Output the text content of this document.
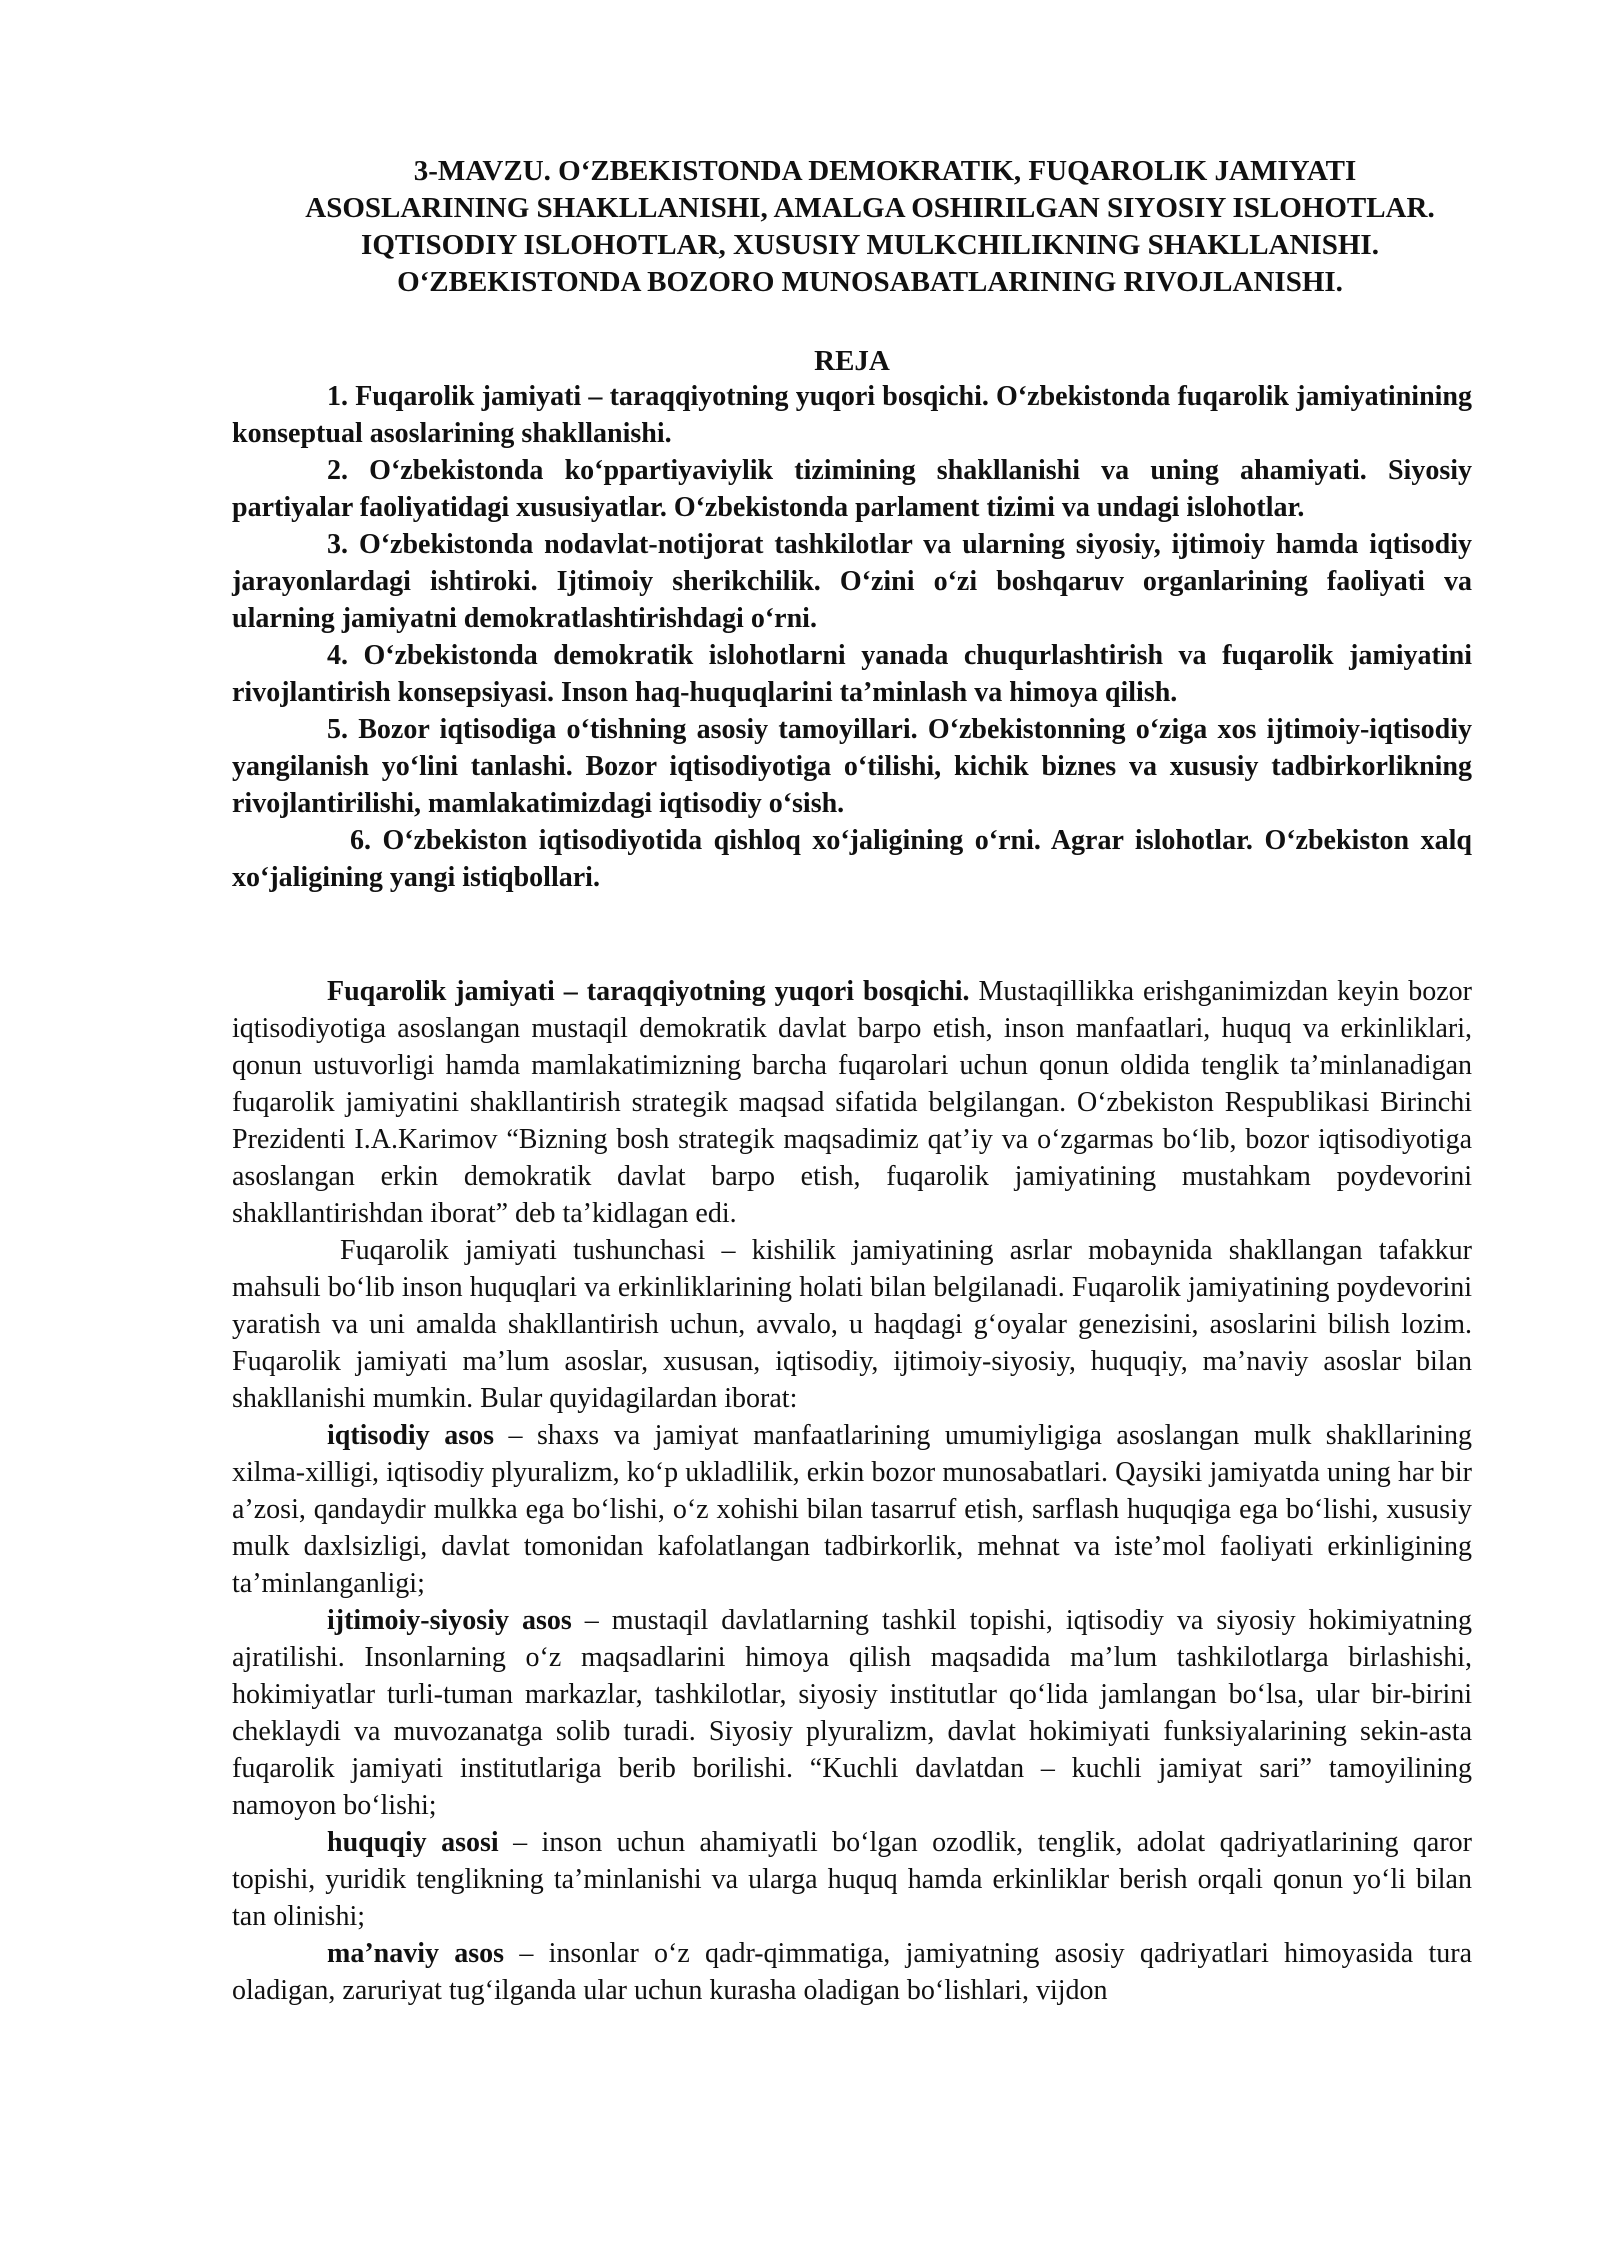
3-MAVZU. O‘ZBEKISTONDA DEMOKRATIK, FUQAROLIK JAMIYATI
ASOSLARINING SHAKLLANISHI, AMALGA OSHIRILGAN SIYOSIY ISLOHOTLAR. IQTISODIY ISLOHOTLAR, XUSUSIY MULKCHILIKNING SHAKLLANISHI. O‘ZBEKISTONDA BOZORO MUNOSABATLARINING RIVOJLANISHI.
REJA

1. Fuqarolik jamiyati – taraqqiyotning yuqori bosqichi. O‘zbekistonda fuqarolik jamiyatinining konseptual asoslarining shakllanishi.

2. O‘zbekistonda ko‘ppartiyaviylik tizimining shakllanishi va uning ahamiyati. Siyosiy partiyalar faoliyatidagi xususiyatlar. O‘zbekistonda parlament tizimi va undagi islohotlar.

3. O‘zbekistonda nodavlat-notijorat tashkilotlar va ularning siyosiy, ijtimoiy hamda iqtisodiy jarayonlardagi ishtiroki. Ijtimoiy sherikchilik. O‘zini o‘zi boshqaruv organlarining faoliyati va ularning jamiyatni demokratlashtirishdagi o‘rni.

4. O‘zbekistonda demokratik islohotlarni yanada chuqurlashtirish va fuqarolik jamiyatini rivojlantirish konsepsiyasi. Inson haq-huquqlarini ta’minlash va himoya qilish.

5. Bozor iqtisodiga o‘tishning asosiy tamoyillari. O‘zbekistonning o‘ziga xos ijtimoiy-iqtisodiy yangilanish yo‘lini tanlashi. Bozor iqtisodiyotiga o‘tilishi, kichik biznes va xususiy tadbirkorlikning rivojlantirilishi, mamlakatimizdagi iqtisodiy o‘sish.

6. O‘zbekiston iqtisodiyotida qishloq xo‘jaligining o‘rni. Agrar islohotlar. O‘zbekiston xalq xo‘jaligining yangi istiqbollari.

Fuqarolik jamiyati – taraqqiyotning yuqori bosqichi. Mustaqillikka erishganimizdan keyin bozor iqtisodiyotiga asoslangan mustaqil demokratik davlat barpo etish, inson manfaatlari, huquq va erkinliklari, qonun ustuvorligi hamda mamlakatimizning barcha fuqarolari uchun qonun oldida tenglik ta’minlanadigan fuqarolik jamiyatini shakllantirish strategik maqsad sifatida belgilangan. O‘zbekiston Respublikasi Birinchi Prezidenti I.A.Karimov “Bizning bosh strategik maqsadimiz qat’iy va o‘zgarmas bo‘lib, bozor iqtisodiyotiga asoslangan erkin demokratik davlat barpo etish, fuqarolik jamiyatining mustahkam poydevorini shakllantirishdan iborat” deb ta’kidlagan edi.

Fuqarolik jamiyati tushunchasi – kishilik jamiyatining asrlar mobaynida shakllangan tafakkur mahsuli bo‘lib inson huquqlari va erkinliklarining holati bilan belgilanadi. Fuqarolik jamiyatining poydevorini yaratish va uni amalda shakllantirish uchun, avvalo, u haqdagi g‘oyalar genezisini, asoslarini bilish lozim. Fuqarolik jamiyati ma’lum asoslar, xususan, iqtisodiy, ijtimoiy-siyosiy, huquqiy, ma’naviy asoslar bilan shakllanishi mumkin. Bular quyidagilardan iborat:

iqtisodiy asos – shaxs va jamiyat manfaatlarining umumiyligiga asoslangan mulk shakllarining xilma-xilligi, iqtisodiy plyuralizm, ko‘p ukladlilik, erkin bozor munosabatlari. Qaysiki jamiyatda uning har bir a’zosi, qandaydir mulkka ega bo‘lishi, o‘z xohishi bilan tasarruf etish, sarflash huquqiga ega bo‘lishi, xususiy mulk daxlsizligi, davlat tomonidan kafolatlangan tadbirkorlik, mehnat va iste’mol faoliyati erkinligining ta’minlanganligi;

ijtimoiy-siyosiy asos – mustaqil davlatlarning tashkil topishi, iqtisodiy va siyosiy hokimiyatning ajratilishi. Insonlarning o‘z maqsadlarini himoya qilish maqsadida ma’lum tashkilotlarga birlashishi, hokimiyatlar turli-tuman markazlar, tashkilotlar, siyosiy institutlar qo‘lida jamlangan bo‘lsa, ular bir-birini cheklaydi va muvozanatga solib turadi. Siyosiy plyuralizm, davlat hokimiyati funksiyalarining sekin-asta fuqarolik jamiyati institutlariga berib borilishi. “Kuchli davlatdan – kuchli jamiyat sari” tamoyilining namoyon bo‘lishi;

huquqiy asosi – inson uchun ahamiyatli bo‘lgan ozodlik, tenglik, adolat qadriyatlarining qaror topishi, yuridik tenglikning ta’minlanishi va ularga huquq hamda erkinliklar berish orqali qonun yo‘li bilan tan olinishi;

ma’naviy asos – insonlar o‘z qadr-qimmatiga, jamiyatning asosiy qadriyatlari himoyasida tura oladigan, zaruriyat tug‘ilganda ular uchun kurasha oladigan bo‘lishlari, vijdon
